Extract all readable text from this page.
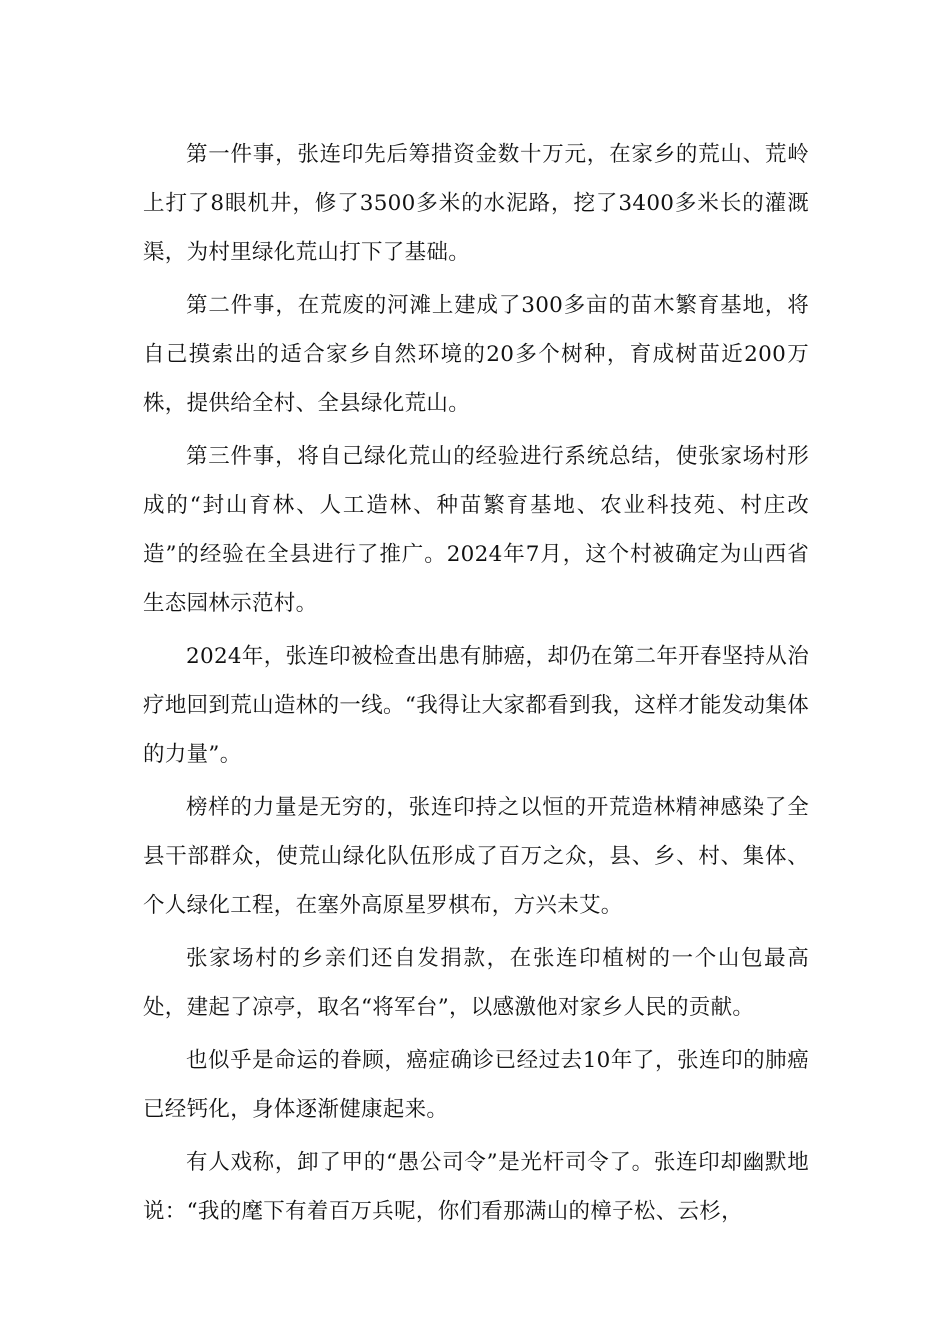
第一件事，张连印先后筹措资金数十万元，在家乡的荒山、荒岭上打了8眼机井，修了3500多米的水泥路，挖了3400多米长的灌溉渠，为村里绿化荒山打下了基础。

第二件事，在荒废的河滩上建成了300多亩的苗木繁育基地，将自己摸索出的适合家乡自然环境的20多个树种，育成树苗近200万株，提供给全村、全县绿化荒山。

第三件事，将自己绿化荒山的经验进行系统总结，使张家场村形成的“封山育林、人工造林、种苗繁育基地、农业科技苑、村庄改造”的经验在全县进行了推广。2024年7月，这个村被确定为山西省生态园林示范村。

2024年，张连印被检查出患有肺癌，却仍在第二年开春坚持从治疗地回到荒山造林的一线。“我得让大家都看到我，这样才能发动集体的力量”。

榜样的力量是无穷的，张连印持之以恒的开荒造林精神感染了全县干部群众，使荒山绿化队伍形成了百万之众，县、乡、村、集体、个人绿化工程，在塞外高原星罗棋布，方兴未艾。

张家场村的乡亲们还自发捐款，在张连印植树的一个山包最高处，建起了凉亭，取名“将军台”，以感激他对家乡人民的贡献。

也似乎是命运的眷顾，癌症确诊已经过去10年了，张连印的肺癌已经钙化，身体逐渐健康起来。

有人戏称，卸了甲的“愚公司令”是光杆司令了。张连印却幽默地说：“我的麾下有着百万兵呢，你们看那满山的樟子松、云杉，
